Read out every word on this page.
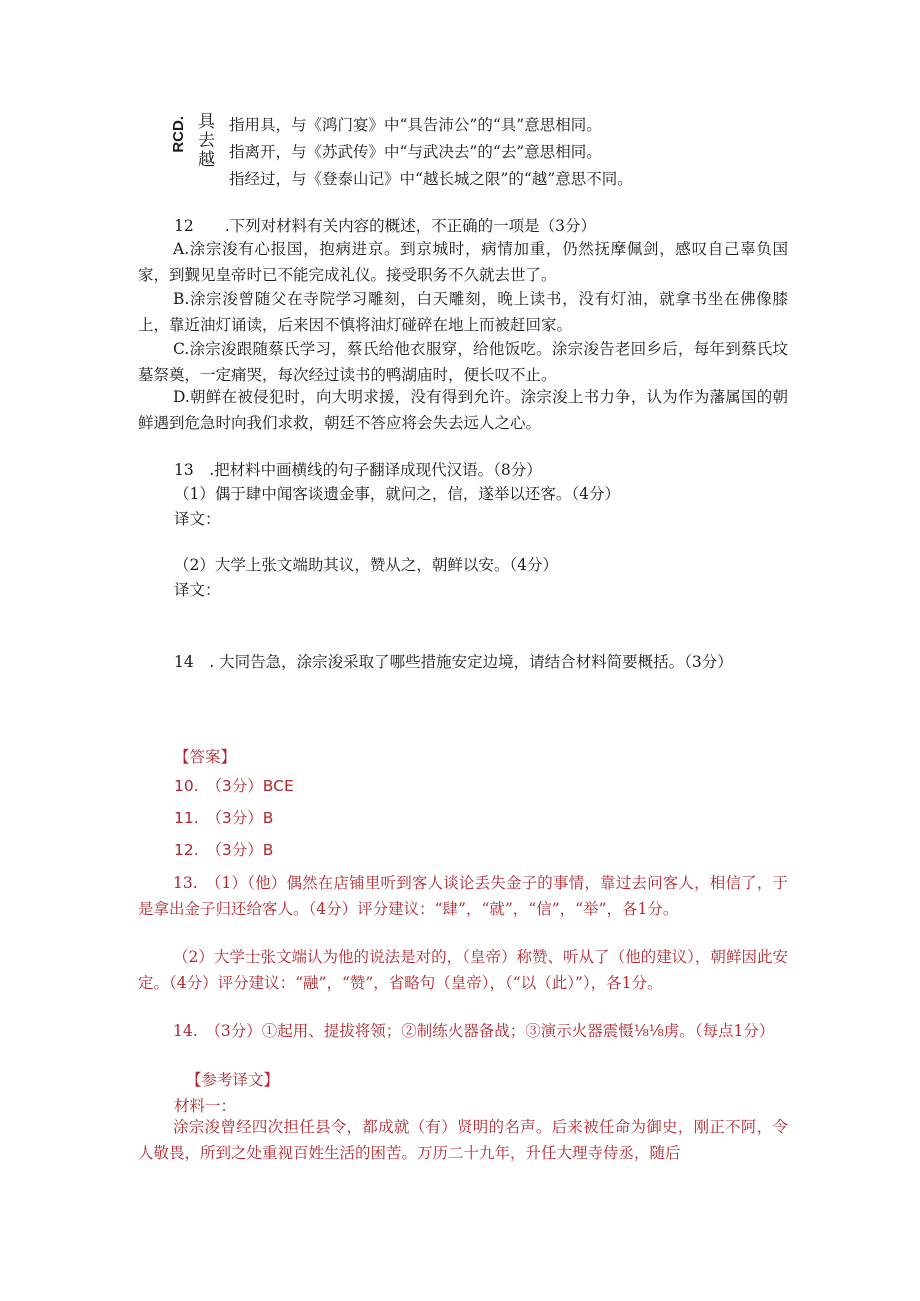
RCD. 具
去
越
指用具，与《鸿门宴》中“具告沛公”的“具”意思相同。
指离开，与《苏武传》中“与武决去”的“去”意思相同。
指经过，与《登泰山记》中“越长城之限”的“越”意思不同。
12　　.下列对材料有关内容的概述，不正确的一项是（3分）
A.涂宗浚有心报国，抱病进京。到京城时，病情加重，仍然抚摩佩剑，感叹自己辜负国家，到觐见皇帝时已不能完成礼仪。接受职务不久就去世了。
B.涂宗浚曾随父在寺院学习雕刻，白天雕刻，晚上读书，没有灯油，就拿书坐在佛像膝上，靠近油灯诵读，后来因不慎将油灯碰碎在地上而被赶回家。
C.涂宗浚跟随蔡氏学习，蔡氏给他衣服穿，给他饭吃。涂宗浚告老回乡后，每年到蔡氏坟墓祭奠，一定痛哭，每次经过读书的鸭湖庙时，便长叹不止。
D.朝鲜在被侵犯时，向大明求援，没有得到允许。涂宗浚上书力争，认为作为藩属国的朝鲜遇到危急时向我们求救，朝廷不答应将会失去远人之心。
13　.把材料中画横线的句子翻译成现代汉语。（8分）
（1）偶于肆中闻客谈遗金事，就问之，信，遂举以还客。（4分）
译文：
（2）大学上张文端助其议，赞从之，朝鲜以安。（4分）
译文：
14　. 大同告急，涂宗浚采取了哪些措施安定边境，请结合材料简要概括。（3分）
【答案】
10.　（3分）BCE
11.　（3分）B
12.　（3分）B
13.　（1）（他）偶然在店铺里听到客人谈论丢失金子的事情，靠过去问客人，相信了，于是拿出金子归还给客人。（4分）评分建议：“肆”，“就”，“信”，“举”，各1分。
（2）大学士张文端认为他的说法是对的，（皇帝）称赞、听从了（他的建议），朝鲜因此安定。（4分）评分建议：“融”，“赞”，省略句（皇帝），（“以（此）”），各1分。
14.　（3分）①起用、提拔将领；②制练火器备战；③演示火器震慑⅛⅛虏。（每点1分）
【参考译文】
材料一：
涂宗浚曾经四次担任县令，都成就（有）贤明的名声。后来被任命为御史，刚正不阿，令人敬畏，所到之处重视百姓生活的困苦。万历二十九年，升任大理寺侍丞，随后
